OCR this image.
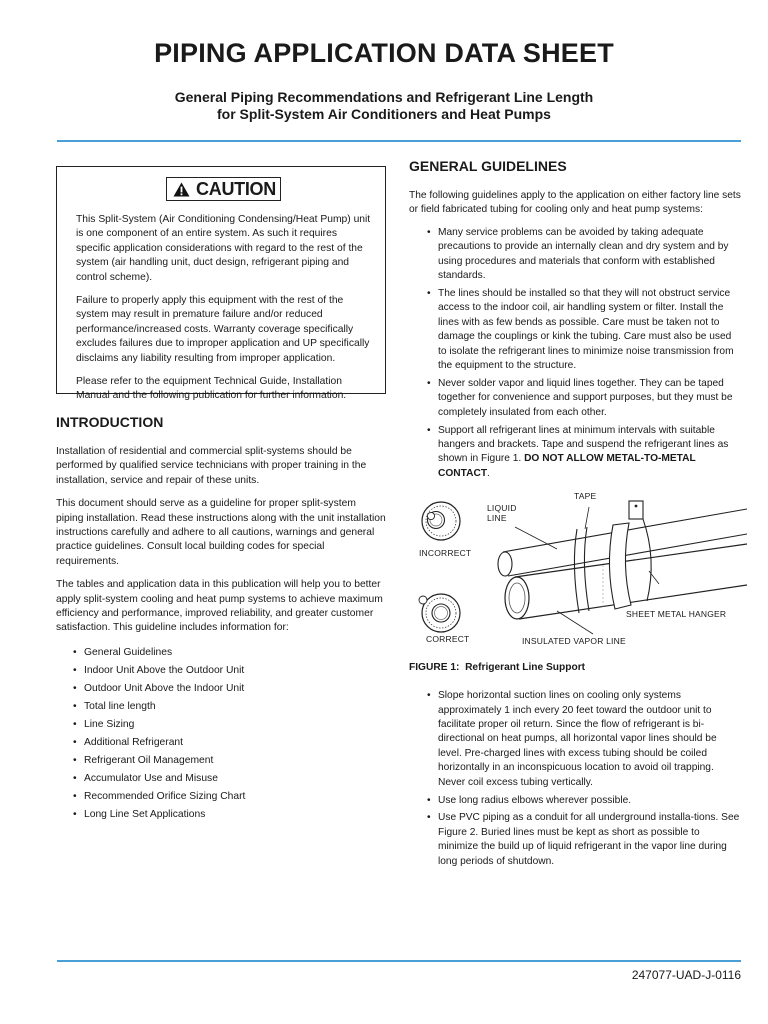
PIPING APPLICATION DATA SHEET
General Piping Recommendations and Refrigerant Line Length
for Split-System Air Conditioners and Heat Pumps
CAUTION

This Split-System (Air Conditioning Condensing/Heat Pump) unit is one component of an entire system. As such it requires specific application considerations with regard to the rest of the system (air handling unit, duct design, refrigerant piping and control scheme).

Failure to properly apply this equipment with the rest of the system may result in premature failure and/or reduced performance/increased costs. Warranty coverage specifically excludes failures due to improper application and UP specifically disclaims any liability resulting from improper application.

Please refer to the equipment Technical Guide, Installation Manual and the following publication for further information.

INTRODUCTION

Installation of residential and commercial split-systems should be performed by qualified service technicians with proper training in the installation, service and repair of these units.

This document should serve as a guideline for proper split-system piping installation. Read these instructions along with the unit installation instructions carefully and adhere to all cautions, warnings and general practice guidelines. Consult local building codes for special requirements.

The tables and application data in this publication will help you to better apply split-system cooling and heat pump systems to achieve maximum efficiency and performance, improved reliability, and greater customer satisfaction. This guideline includes information for:

• General Guidelines
• Indoor Unit Above the Outdoor Unit
• Outdoor Unit Above the Indoor Unit
• Total line length
• Line Sizing
• Additional Refrigerant
• Refrigerant Oil Management
• Accumulator Use and Misuse
• Recommended Orifice Sizing Chart
• Long Line Set Applications
GENERAL GUIDELINES

The following guidelines apply to the application on either factory line sets or field fabricated tubing for cooling only and heat pump systems:

• Many service problems can be avoided by taking adequate precautions to provide an internally clean and dry system and by using procedures and materials that conform with established standards.
• The lines should be installed so that they will not obstruct service access to the indoor coil, air handling system or filter. Install the lines with as few bends as possible. Care must be taken not to damage the couplings or kink the tubing. Care must also be used to isolate the refrigerant lines to minimize noise transmission from the equipment to the structure.
• Never solder vapor and liquid lines together. They can be taped together for convenience and support purposes, but they must be completely insulated from each other.
• Support all refrigerant lines at minimum intervals with suitable hangers and brackets. Tape and suspend the refrigerant lines as shown in Figure 1. DO NOT ALLOW METAL-TO-METAL CONTACT.
TAPE
LIQUID
LINE
INCORRECT
SHEET METAL HANGER
CORRECT	INSULATED VAPOR LINE
FIGURE 1: Refrigerant Line Support
• Slope horizontal suction lines on cooling only systems approximately 1 inch every 20 feet toward the outdoor unit to facilitate proper oil return. Since the flow of refrigerant is bi-directional on heat pumps, all horizontal vapor lines should be level. Pre-charged lines with excess tubing should be coiled horizontally in an inconspicuous location to avoid oil trapping. Never coil excess tubing vertically.
• Use long radius elbows wherever possible.
• Use PVC piping as a conduit for all underground installa-tions. See Figure 2. Buried lines must be kept as short as possible to minimize the build up of liquid refrigerant in the vapor line during long periods of shutdown.
247077-UAD-J-0116
